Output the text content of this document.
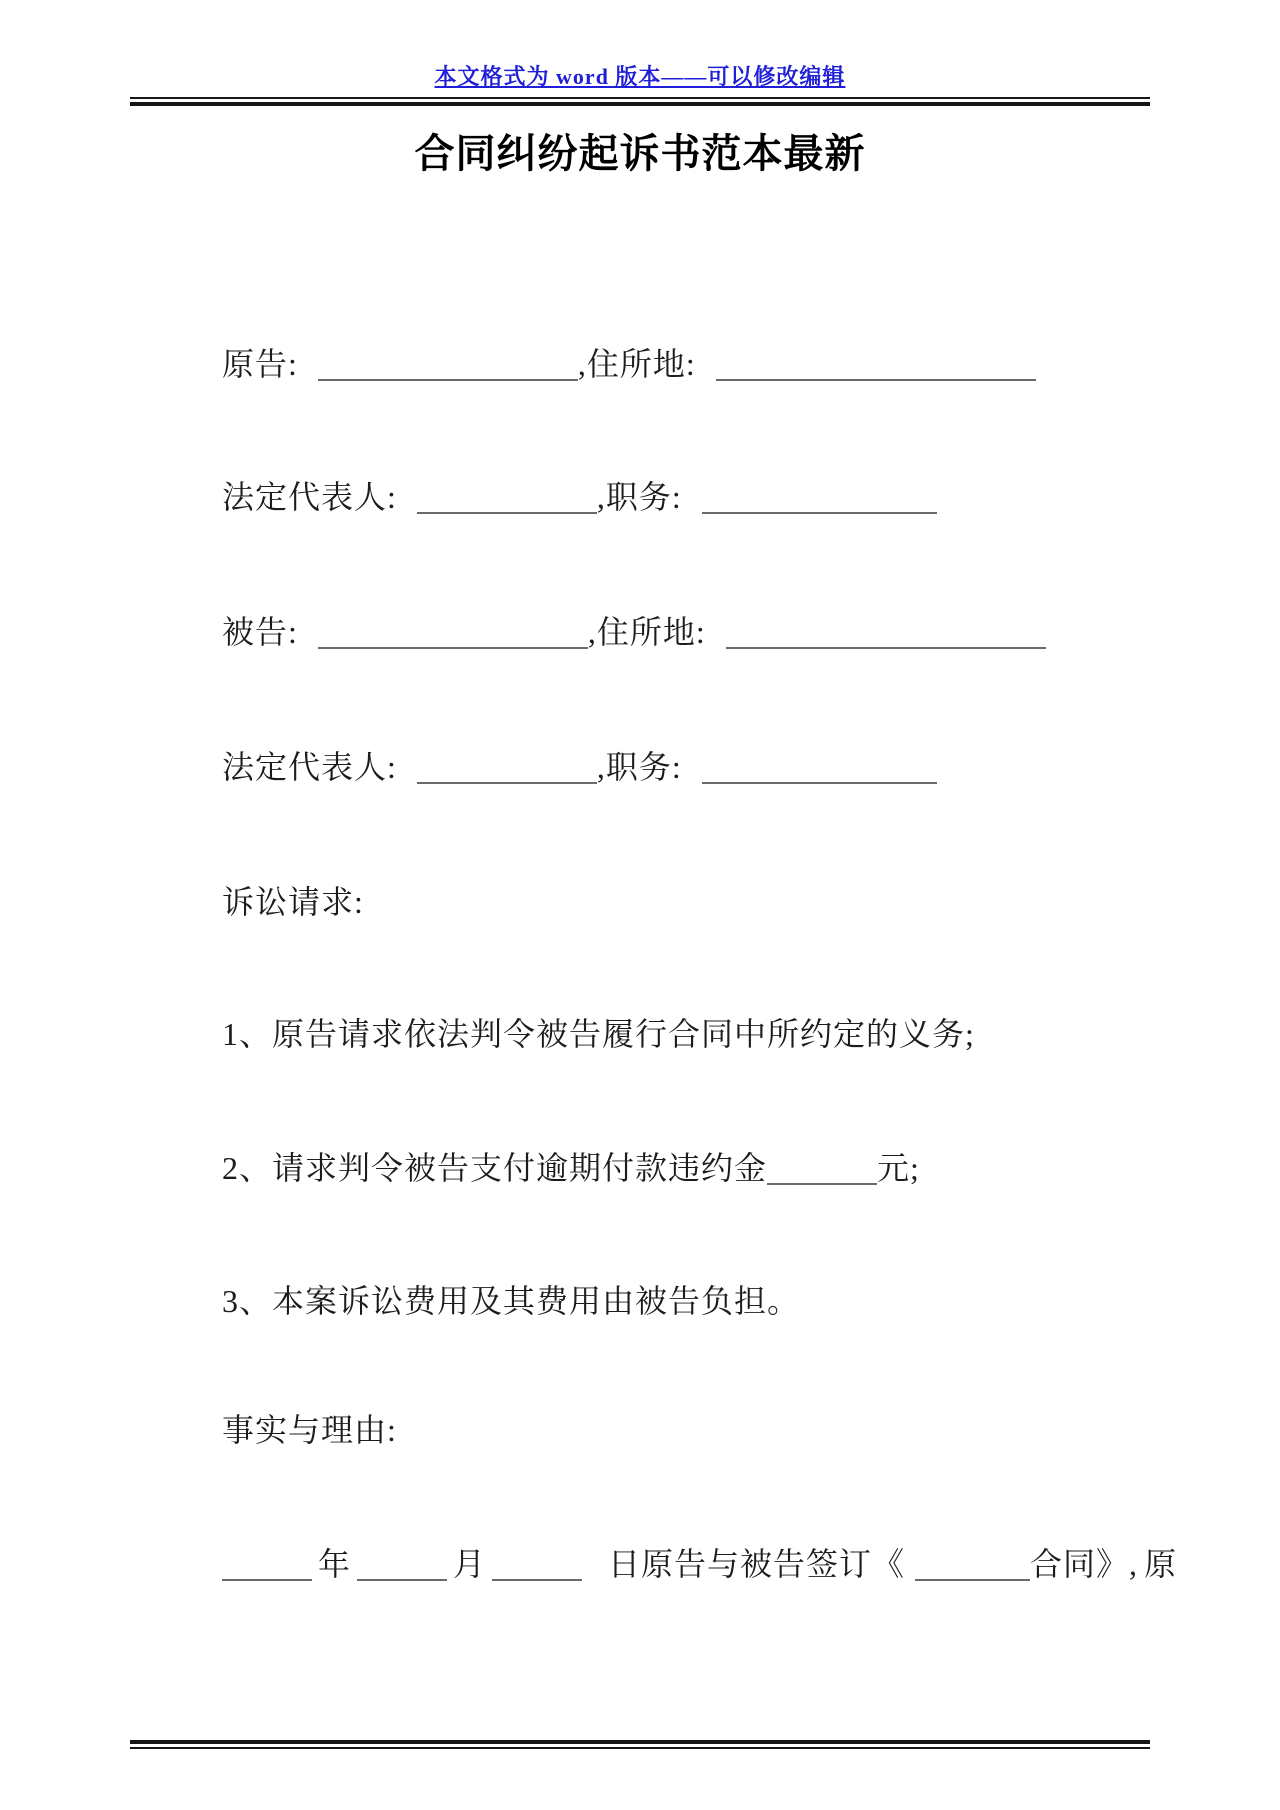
本文格式为 word 版本——可以修改编辑
合同纠纷起诉书范本最新
原告:	,住所地:
法定代表人:	,职务:
被告:	,住所地:
法定代表人:	,职务:
诉讼请求:
1、原告请求依法判令被告履行合同中所约定的义务;
2、请求判令被告支付逾期付款违约金	元;
3、本案诉讼费用及其费用由被告负担。
事实与理由:
年	月	日原告与被告签订《	合同》, 原
